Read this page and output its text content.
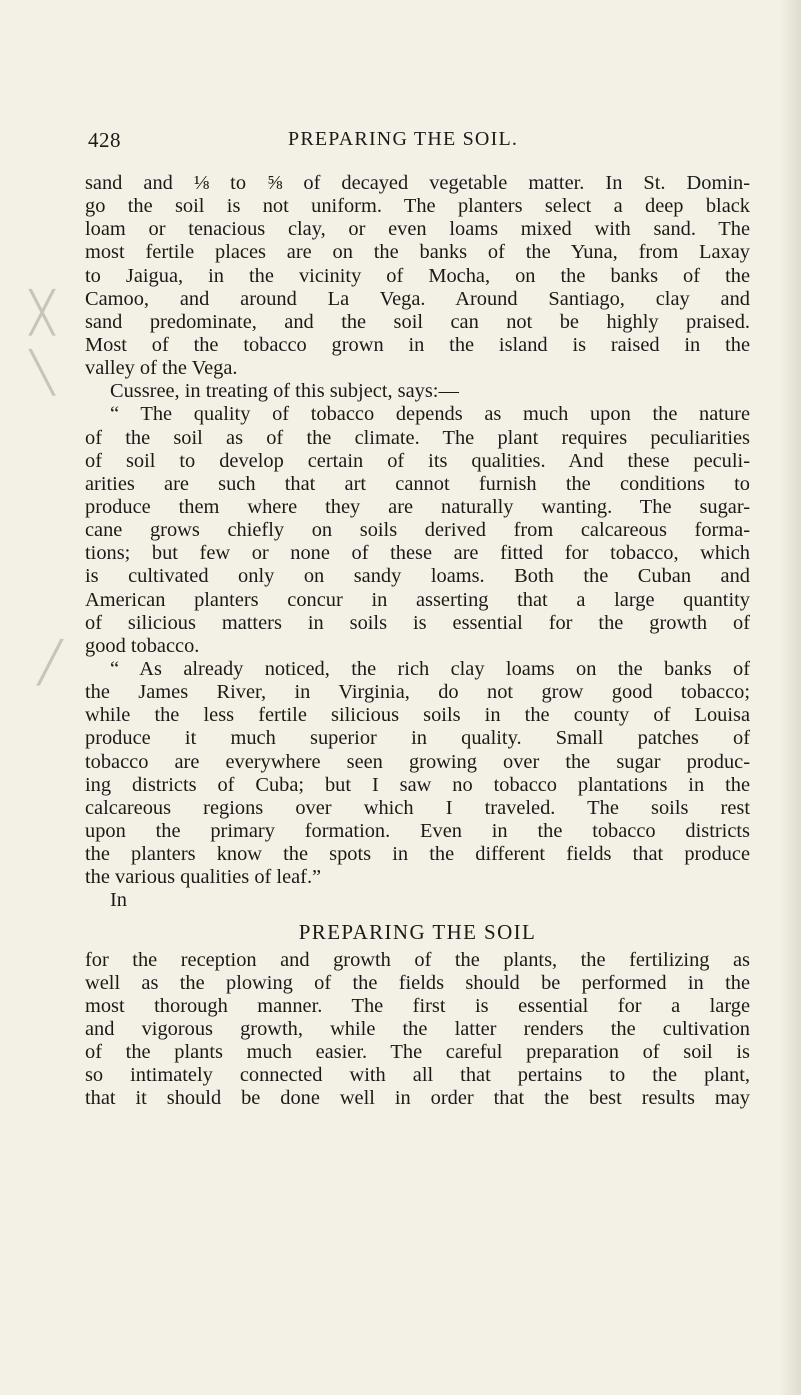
╳
╲
╱
428	PREPARING THE SOIL.
sand and ⅛ to ⅝ of decayed vegetable matter. In St. Domin-
go the soil is not uniform. The planters select a deep black
loam or tenacious clay, or even loams mixed with sand. The
most fertile places are on the banks of the Yuna, from Laxay
to Jaigua, in the vicinity of Mocha, on the banks of the
Camoo, and around La Vega. Around Santiago, clay and
sand predominate, and the soil can not be highly praised.
Most of the tobacco grown in the island is raised in the
valley of the Vega.
Cussree, in treating of this subject, says:—
“ The quality of tobacco depends as much upon the nature
of the soil as of the climate. The plant requires peculiarities
of soil to develop certain of its qualities. And these peculi-
arities are such that art cannot furnish the conditions to
produce them where they are naturally wanting. The sugar-
cane grows chiefly on soils derived from calcareous forma-
tions; but few or none of these are fitted for tobacco, which
is cultivated only on sandy loams. Both the Cuban and
American planters concur in asserting that a large quantity
of silicious matters in soils is essential for the growth of
good tobacco.
“ As already noticed, the rich clay loams on the banks of
the James River, in Virginia, do not grow good tobacco;
while the less fertile silicious soils in the county of Louisa
produce it much superior in quality. Small patches of
tobacco are everywhere seen growing over the sugar produc-
ing districts of Cuba; but I saw no tobacco plantations in the
calcareous regions over which I traveled. The soils rest
upon the primary formation. Even in the tobacco districts
the planters know the spots in the different fields that produce
the various qualities of leaf.”
In
PREPARING THE SOIL
for the reception and growth of the plants, the fertilizing as
well as the plowing of the fields should be performed in the
most thorough manner. The first is essential for a large
and vigorous growth, while the latter renders the cultivation
of the plants much easier. The careful preparation of soil is
so intimately connected with all that pertains to the plant,
that it should be done well in order that the best results may
